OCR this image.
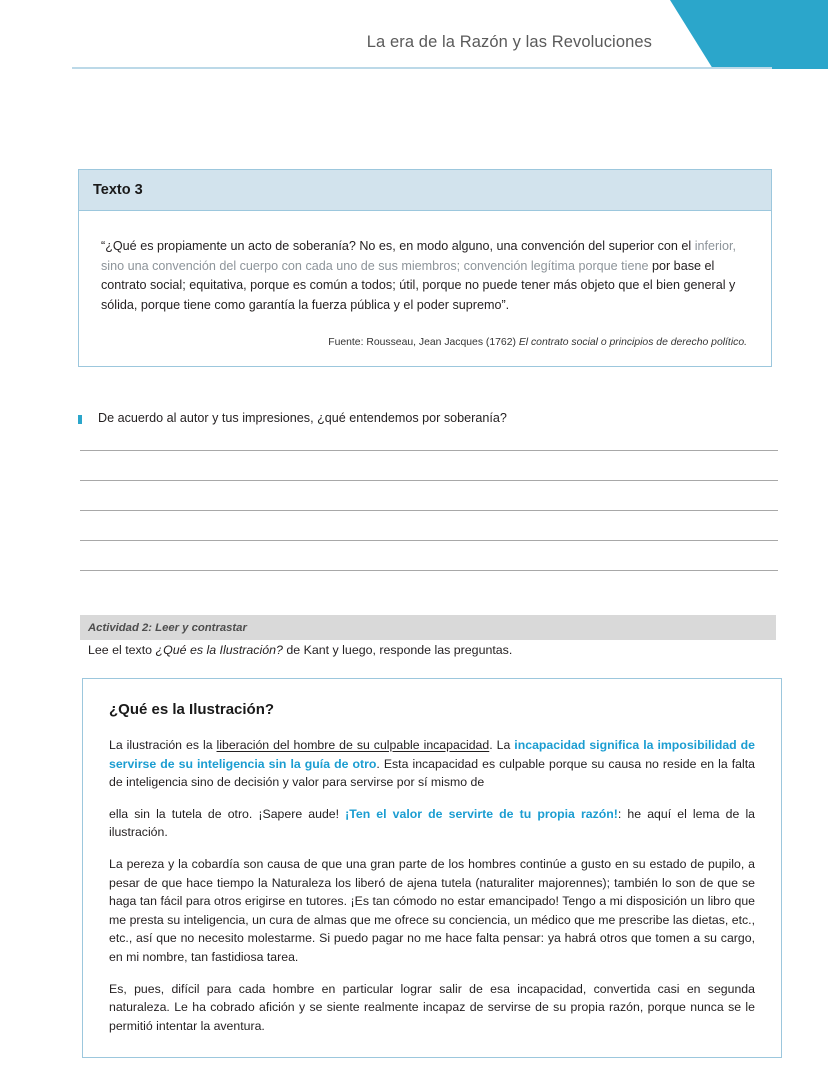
La era de la Razón y las Revoluciones
Texto 3

“¿Qué es propiamente un acto de soberanía? No es, en modo alguno, una convención del superior con el inferior, sino una convención del cuerpo con cada uno de sus miembros; convención legítima porque tiene por base el contrato social; equitativa, porque es común a todos; útil, porque no puede tener más objeto que el bien general y sólida, porque tiene como garantía la fuerza pública y el poder supremo”.

Fuente: Rousseau, Jean Jacques (1762) El contrato social o principios de derecho político.

De acuerdo al autor y tus impresiones, ¿qué entendemos por soberanía?
Actividad 2: Leer y contrastar
Lee el texto ¿Qué es la Ilustración? de Kant y luego, responde las preguntas.
¿Qué es la Ilustración?

La ilustración es la liberación del hombre de su culpable incapacidad. La incapacidad significa la imposibilidad de servirse de su inteligencia sin la guía de otro. Esta incapacidad es culpable porque su causa no reside en la falta de inteligencia sino de decisión y valor para servirse por sí mismo de

ella sin la tutela de otro. ¡Sapere aude! ¡Ten el valor de servirte de tu propia razón!: he aquí el lema de la ilustración.

La pereza y la cobardía son causa de que una gran parte de los hombres continúe a gusto en su estado de pupilo, a pesar de que hace tiempo la Naturaleza los liberó de ajena tutela (naturaliter majorennes); también lo son de que se haga tan fácil para otros erigirse en tutores. ¡Es tan cómodo no estar emancipado! Tengo a mi disposición un libro que me presta su inteligencia, un cura de almas que me ofrece su conciencia, un médico que me prescribe las dietas, etc., etc., así que no necesito molestarme. Si puedo pagar no me hace falta pensar: ya habrá otros que tomen a su cargo, en mi nombre, tan fastidiosa tarea.

Es, pues, difícil para cada hombre en particular lograr salir de esa incapacidad, convertida casi en segunda naturaleza. Le ha cobrado afición y se siente realmente incapaz de servirse de su propia razón, porque nunca se le permitió intentar la aventura.
